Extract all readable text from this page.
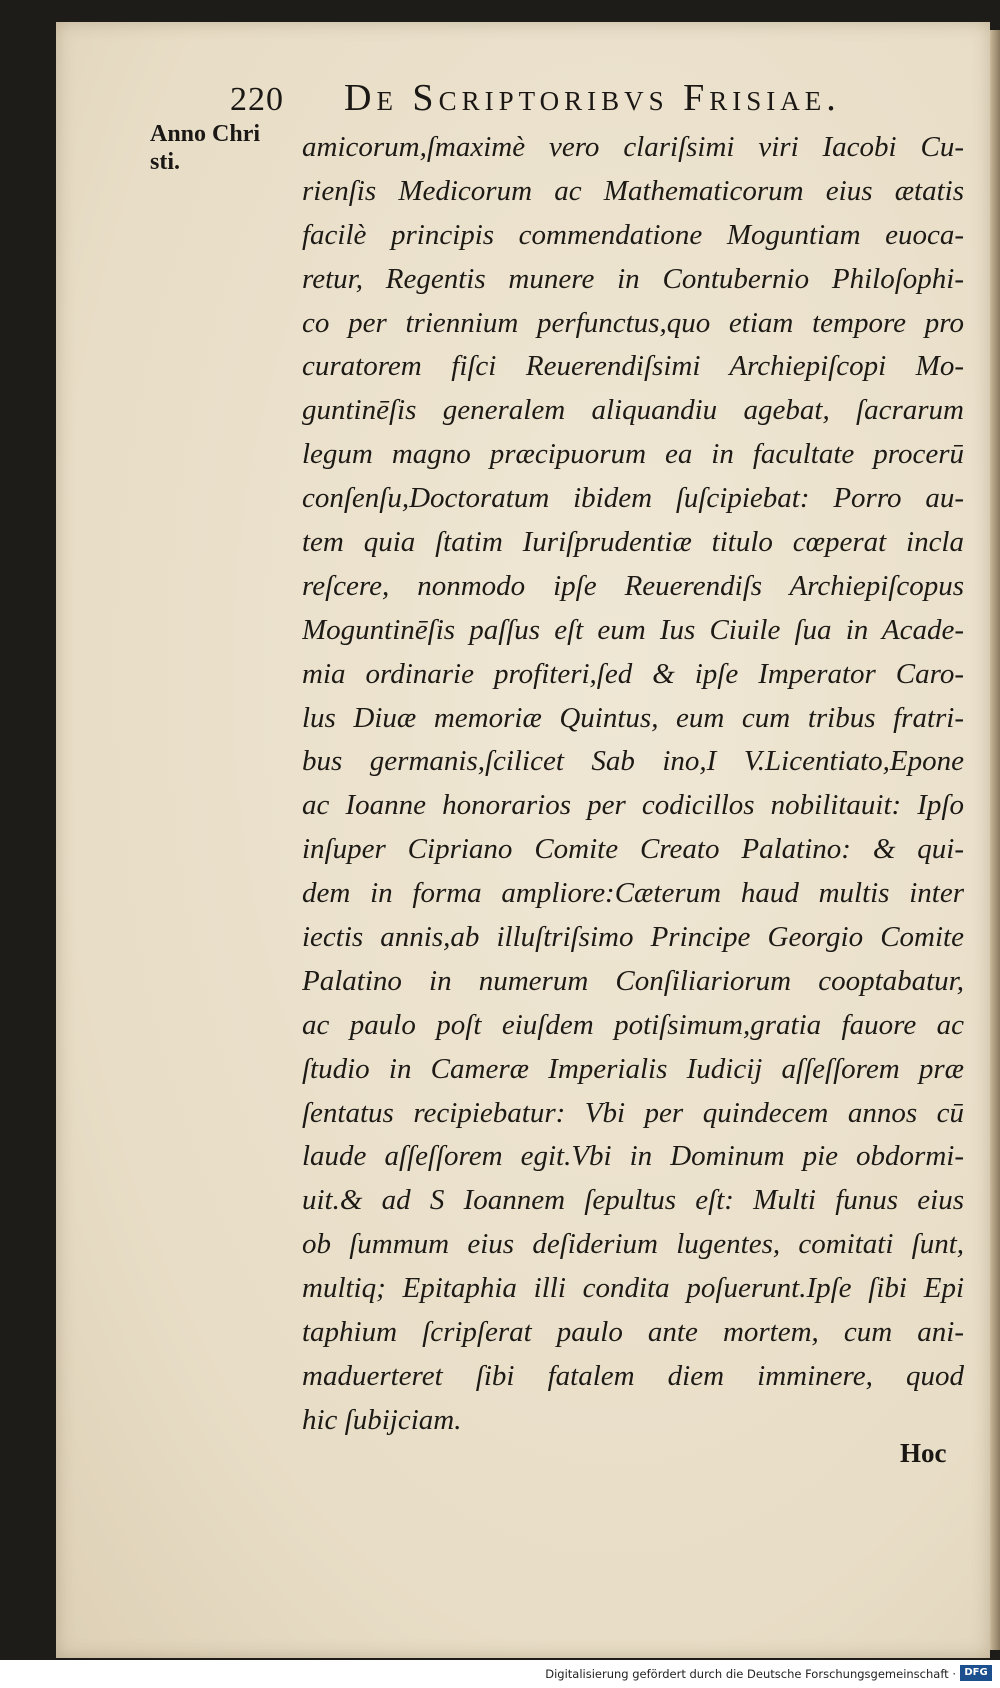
220 De Scriptoribvs Frisiae.
Anno Chri
sti.	amicorum,ſmaximè vero clariſsimi viri Iacobi Cu-
rienſis Medicorum ac Mathematicorum eius ætatis
facilè principis commendatione Moguntiam euoca-
retur, Regentis munere in Contubernio Philoſophi-
co per triennium perfunctus,quo etiam tempore pro
curatorem fiſci Reuerendiſsimi Archiepiſcopi Mo-
guntinēſis generalem aliquandiu agebat, ſacrarum
legum magno præcipuorum ea in facultate procerū
conſenſu,Doctoratum ibidem ſuſcipiebat: Porro au-
tem quia ſtatim Iuriſprudentiæ titulo cœperat incla
reſcere, nonmodo ipſe Reuerendiſs Archiepiſcopus
Moguntinēſis paſſus eſt eum Ius Ciuile ſua in Acade-
mia ordinarie profiteri,ſed & ipſe Imperator Caro-
lus Diuæ memoriæ Quintus, eum cum tribus fratri-
bus germanis,ſcilicet Sab ino,I V.Licentiato,Epone
ac Ioanne honorarios per codicillos nobilitauit: Ipſo
inſuper Cipriano Comite Creato Palatino: & qui-
dem in forma ampliore:Cæterum haud multis inter
iectis annis,ab illuſtriſsimo Principe Georgio Comite
Palatino in numerum Conſiliariorum cooptabatur,
ac paulo poſt eiuſdem potiſsimum,gratia fauore ac
ſtudio in Cameræ Imperialis Iudicij aſſeſſorem præ
ſentatus recipiebatur: Vbi per quindecem annos cū
laude aſſeſſorem egit.Vbi in Dominum pie obdormi-
uit.& ad S Ioannem ſepultus eſt: Multi funus eius
ob ſummum eius deſiderium lugentes, comitati ſunt,
multiq; Epitaphia illi condita poſuerunt.Ipſe ſibi Epi
taphium ſcripſerat paulo ante mortem, cum ani-
maduerteret ſibi fatalem diem imminere, quod
hic ſubijciam.
Hoc
Digitalisierung gefördert durch die Deutsche Forschungsgemeinschaft · DFG
